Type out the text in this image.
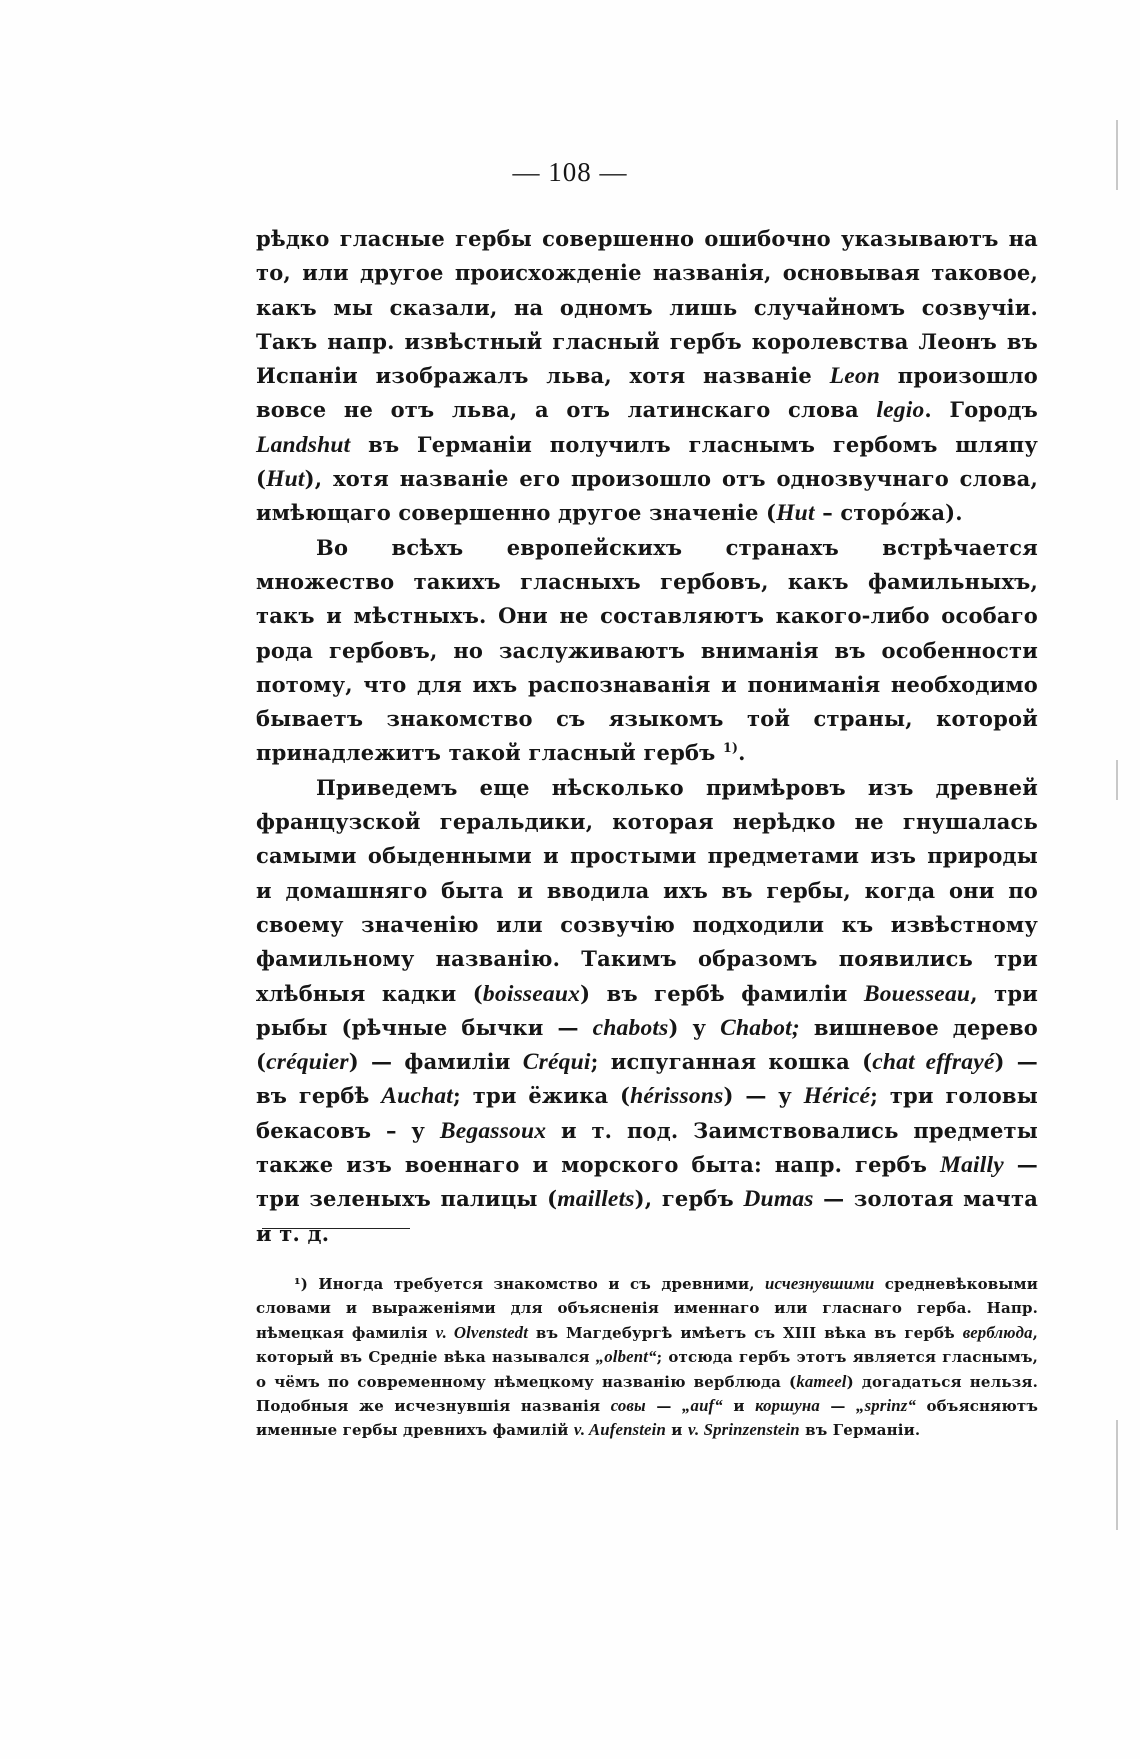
— 108 —

рѣдко гласные гербы совершенно ошибочно указываютъ на то, или другое происхожденіе названія, основывая таковое, какъ мы сказали, на одномъ лишь случайномъ созвучіи. Такъ напр. извѣстный гласный гербъ королевства Леонъ въ Испаніи изображалъ льва, хотя названіе Leon произошло вовсе не отъ льва, а отъ латинскаго слова legio. Городъ Landshut въ Германіи получилъ гласнымъ гербомъ шляпу (Hut), хотя названіе его произошло отъ однозвучнаго слова, имѣющаго совершенно другое значеніе (Hut – сторо́жа).

Во всѣхъ европейскихъ странахъ встрѣчается множество такихъ гласныхъ гербовъ, какъ фамильныхъ, такъ и мѣстныхъ. Они не составляютъ какого-либо особаго рода гербовъ, но заслуживаютъ вниманія въ особенности потому, что для ихъ распознаванія и пониманія необходимо бываетъ знакомство съ языкомъ той страны, которой принадлежитъ такой гласный гербъ $^{1)}$.

Приведемъ еще нѣсколько примѣровъ изъ древней французской геральдики, которая нерѣдко не гнушалась самыми обыденными и простыми предметами изъ природы и домашняго быта и вводила ихъ въ гербы, когда они по своему значенію или созвучію подходили къ извѣстному фамильному названію. Такимъ образомъ появились три хлѣбныя кадки (boisseaux) въ гербѣ фамиліи Bouesseau, три рыбы (рѣчные бычки — chabots) у Chabot; вишневое дерево (créquier) — фамиліи Créqui; испуганная кошка (chat effrayé) — въ гербѣ Auchat; три ёжика (hérissons) — у Héricé; три головы бекасовъ – у Begassoux и т. под. Заимствовались предметы также изъ военнаго и морского быта: напр. гербъ Mailly — три зеленыхъ палицы (maillets), гербъ Dumas — золотая мачта и т. д.

¹) Иногда требуется знакомство и съ древними, исчезнувшими средневѣковыми словами и выраженіями для объясненія именнаго или гласнаго герба. Напр. нѣмецкая фамилія v. Olvenstedt въ Магдебургѣ имѣетъ съ XIII вѣка въ гербѣ верблюда, который въ Средніе вѣка назывался „olbent“; отсюда гербъ этотъ является гласнымъ, о чёмъ по современному нѣмецкому названію верблюда (kameel) догадаться нельзя. Подобныя же исчезнувшія названія совы — „auf“ и коршуна — „sprinz“ объясняютъ именные гербы древнихъ фамилій v. Aufenstein и v. Sprinzenstein въ Германіи.
